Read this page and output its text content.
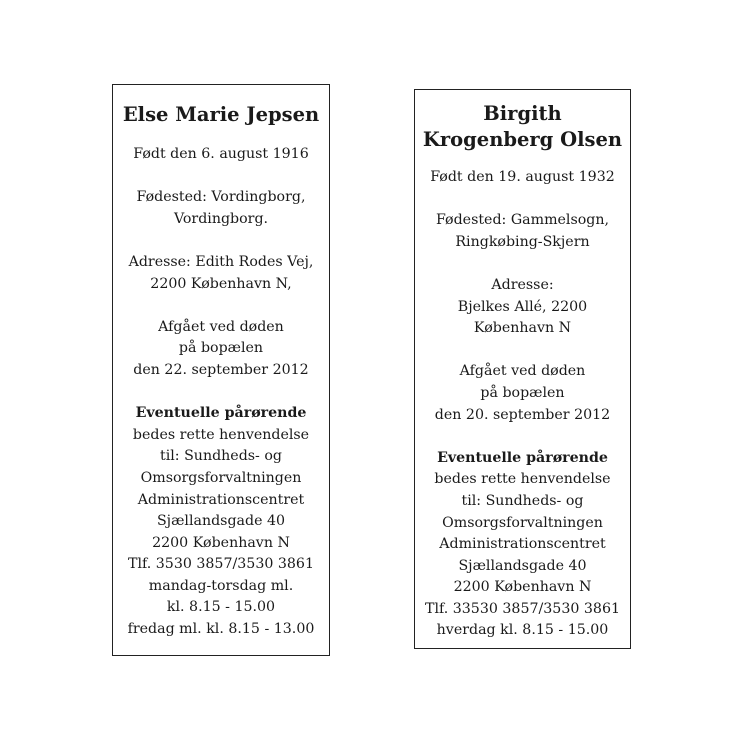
Else Marie Jepsen
Født den 6. august 1916
Fødested: Vordingborg,
Vordingborg.
Adresse: Edith Rodes Vej,
2200 København N,
Afgået ved døden
på bopælen
den 22. september 2012
Eventuelle pårørende
bedes rette henvendelse
til: Sundheds- og
Omsorgsforvaltningen
Administrationscentret
Sjællandsgade 40
2200 København N
Tlf. 3530 3857/3530 3861
mandag-torsdag ml.
kl. 8.15 - 15.00
fredag ml. kl. 8.15 - 13.00
Birgith
Krogenberg Olsen
Født den 19. august 1932
Fødested: Gammelsogn,
Ringkøbing-Skjern
Adresse:
Bjelkes Allé, 2200
København N
Afgået ved døden
på bopælen
den 20. september 2012
Eventuelle pårørende
bedes rette henvendelse
til: Sundheds- og
Omsorgsforvaltningen
Administrationscentret
Sjællandsgade 40
2200 København N
Tlf. 33530 3857/3530 3861
hverdag kl. 8.15 - 15.00
